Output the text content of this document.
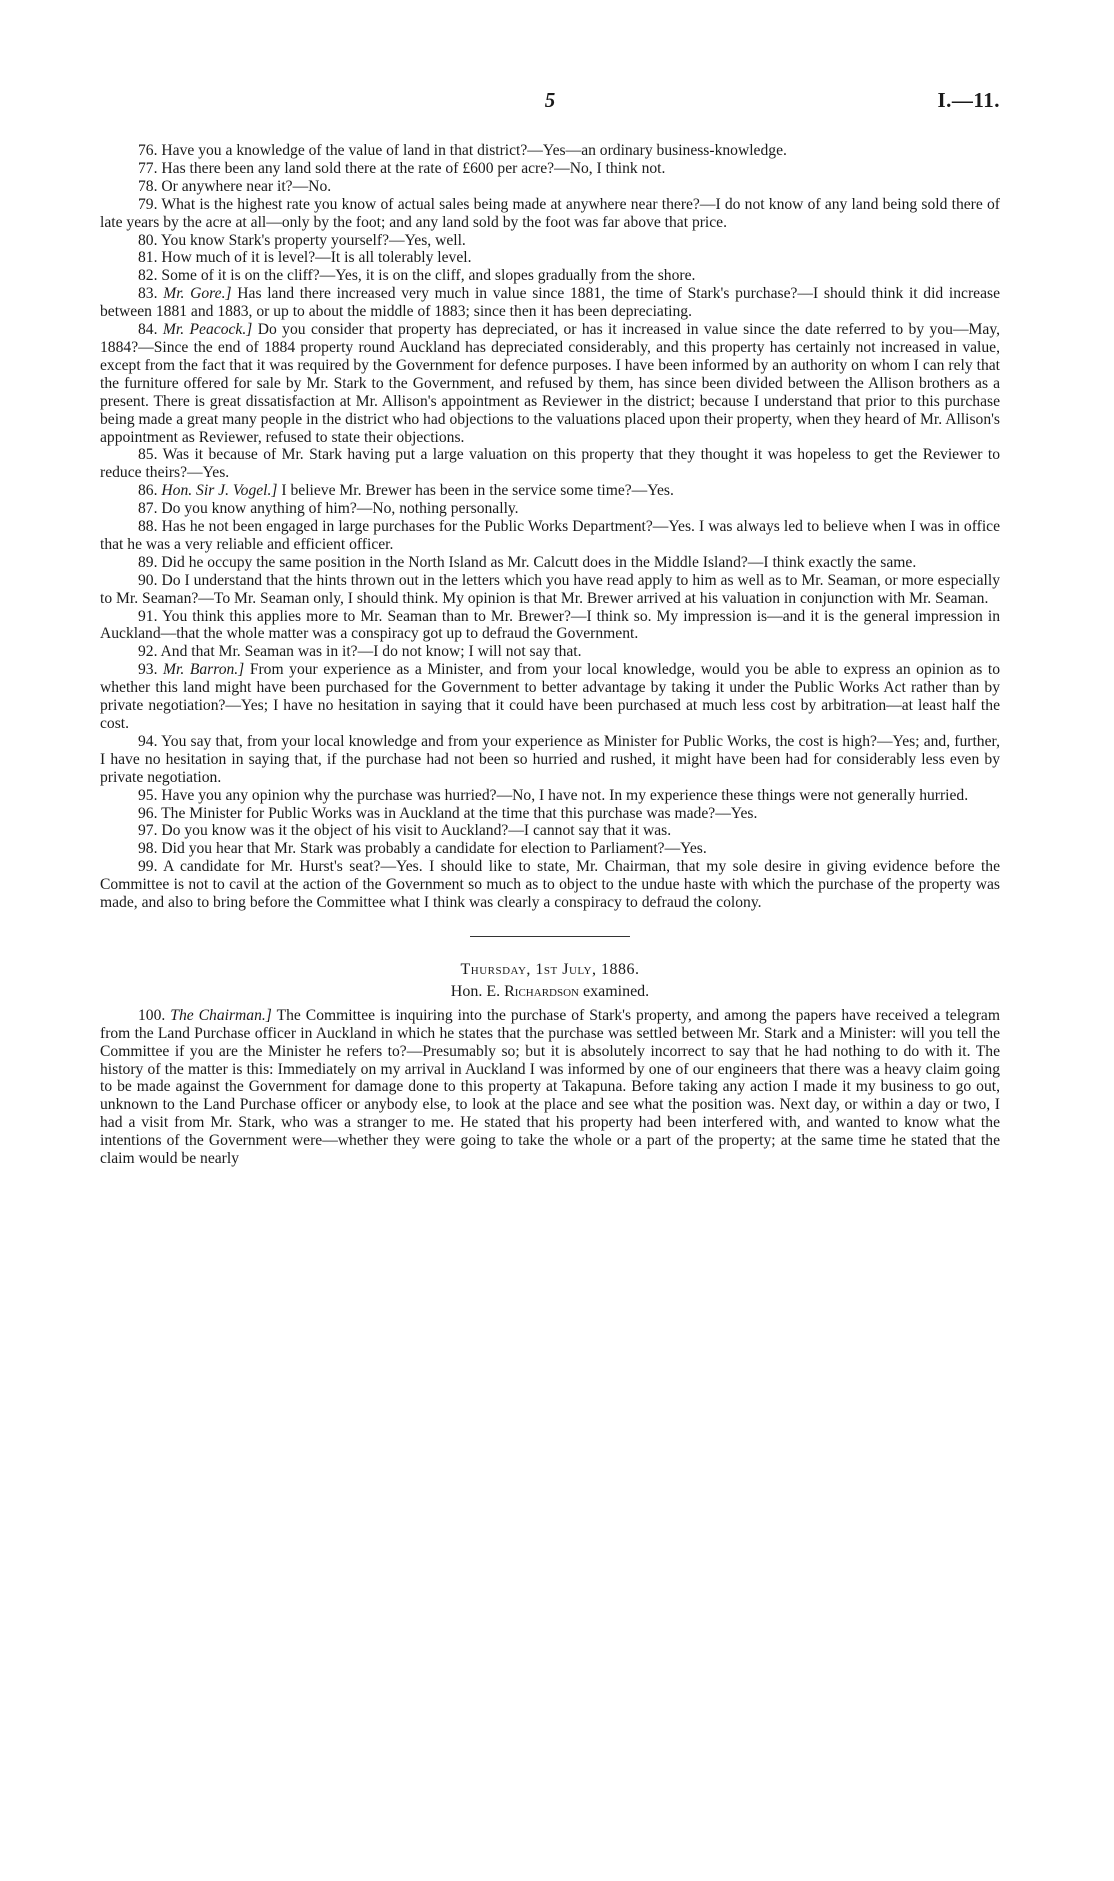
5	I.—11.

76. Have you a knowledge of the value of land in that district?—Yes—an ordinary business-knowledge.

77. Has there been any land sold there at the rate of £600 per acre?—No, I think not.

78. Or anywhere near it?—No.

79. What is the highest rate you know of actual sales being made at anywhere near there?—I do not know of any land being sold there of late years by the acre at all—only by the foot; and any land sold by the foot was far above that price.

80. You know Stark's property yourself?—Yes, well.

81. How much of it is level?—It is all tolerably level.

82. Some of it is on the cliff?—Yes, it is on the cliff, and slopes gradually from the shore.

83. Mr. Gore.] Has land there increased very much in value since 1881, the time of Stark's purchase?—I should think it did increase between 1881 and 1883, or up to about the middle of 1883; since then it has been depreciating.

84. Mr. Peacock.] Do you consider that property has depreciated, or has it increased in value since the date referred to by you—May, 1884?—Since the end of 1884 property round Auckland has depreciated considerably, and this property has certainly not increased in value, except from the fact that it was required by the Government for defence purposes. I have been informed by an authority on whom I can rely that the furniture offered for sale by Mr. Stark to the Government, and refused by them, has since been divided between the Allison brothers as a present. There is great dissatisfaction at Mr. Allison's appointment as Reviewer in the district; because I understand that prior to this purchase being made a great many people in the district who had objections to the valuations placed upon their property, when they heard of Mr. Allison's appointment as Reviewer, refused to state their objections.

85. Was it because of Mr. Stark having put a large valuation on this property that they thought it was hopeless to get the Reviewer to reduce theirs?—Yes.

86. Hon. Sir J. Vogel.] I believe Mr. Brewer has been in the service some time?—Yes.

87. Do you know anything of him?—No, nothing personally.

88. Has he not been engaged in large purchases for the Public Works Department?—Yes. I was always led to believe when I was in office that he was a very reliable and efficient officer.

89. Did he occupy the same position in the North Island as Mr. Calcutt does in the Middle Island?—I think exactly the same.

90. Do I understand that the hints thrown out in the letters which you have read apply to him as well as to Mr. Seaman, or more especially to Mr. Seaman?—To Mr. Seaman only, I should think. My opinion is that Mr. Brewer arrived at his valuation in conjunction with Mr. Seaman.

91. You think this applies more to Mr. Seaman than to Mr. Brewer?—I think so. My impression is—and it is the general impression in Auckland—that the whole matter was a conspiracy got up to defraud the Government.

92. And that Mr. Seaman was in it?—I do not know; I will not say that.

93. Mr. Barron.] From your experience as a Minister, and from your local knowledge, would you be able to express an opinion as to whether this land might have been purchased for the Government to better advantage by taking it under the Public Works Act rather than by private negotiation?—Yes; I have no hesitation in saying that it could have been purchased at much less cost by arbitration—at least half the cost.

94. You say that, from your local knowledge and from your experience as Minister for Public Works, the cost is high?—Yes; and, further, I have no hesitation in saying that, if the purchase had not been so hurried and rushed, it might have been had for considerably less even by private negotiation.

95. Have you any opinion why the purchase was hurried?—No, I have not. In my experience these things were not generally hurried.

96. The Minister for Public Works was in Auckland at the time that this purchase was made?—Yes.

97. Do you know was it the object of his visit to Auckland?—I cannot say that it was.

98. Did you hear that Mr. Stark was probably a candidate for election to Parliament?—Yes.

99. A candidate for Mr. Hurst's seat?—Yes. I should like to state, Mr. Chairman, that my sole desire in giving evidence before the Committee is not to cavil at the action of the Government so much as to object to the undue haste with which the purchase of the property was made, and also to bring before the Committee what I think was clearly a conspiracy to defraud the colony.

Thursday, 1st July, 1886.

Hon. E. Richardson examined.

100. The Chairman.] The Committee is inquiring into the purchase of Stark's property, and among the papers have received a telegram from the Land Purchase officer in Auckland in which he states that the purchase was settled between Mr. Stark and a Minister: will you tell the Committee if you are the Minister he refers to?—Presumably so; but it is absolutely incorrect to say that he had nothing to do with it. The history of the matter is this: Immediately on my arrival in Auckland I was informed by one of our engineers that there was a heavy claim going to be made against the Government for damage done to this property at Takapuna. Before taking any action I made it my business to go out, unknown to the Land Purchase officer or anybody else, to look at the place and see what the position was. Next day, or within a day or two, I had a visit from Mr. Stark, who was a stranger to me. He stated that his property had been interfered with, and wanted to know what the intentions of the Government were—whether they were going to take the whole or a part of the property; at the same time he stated that the claim would be nearly
